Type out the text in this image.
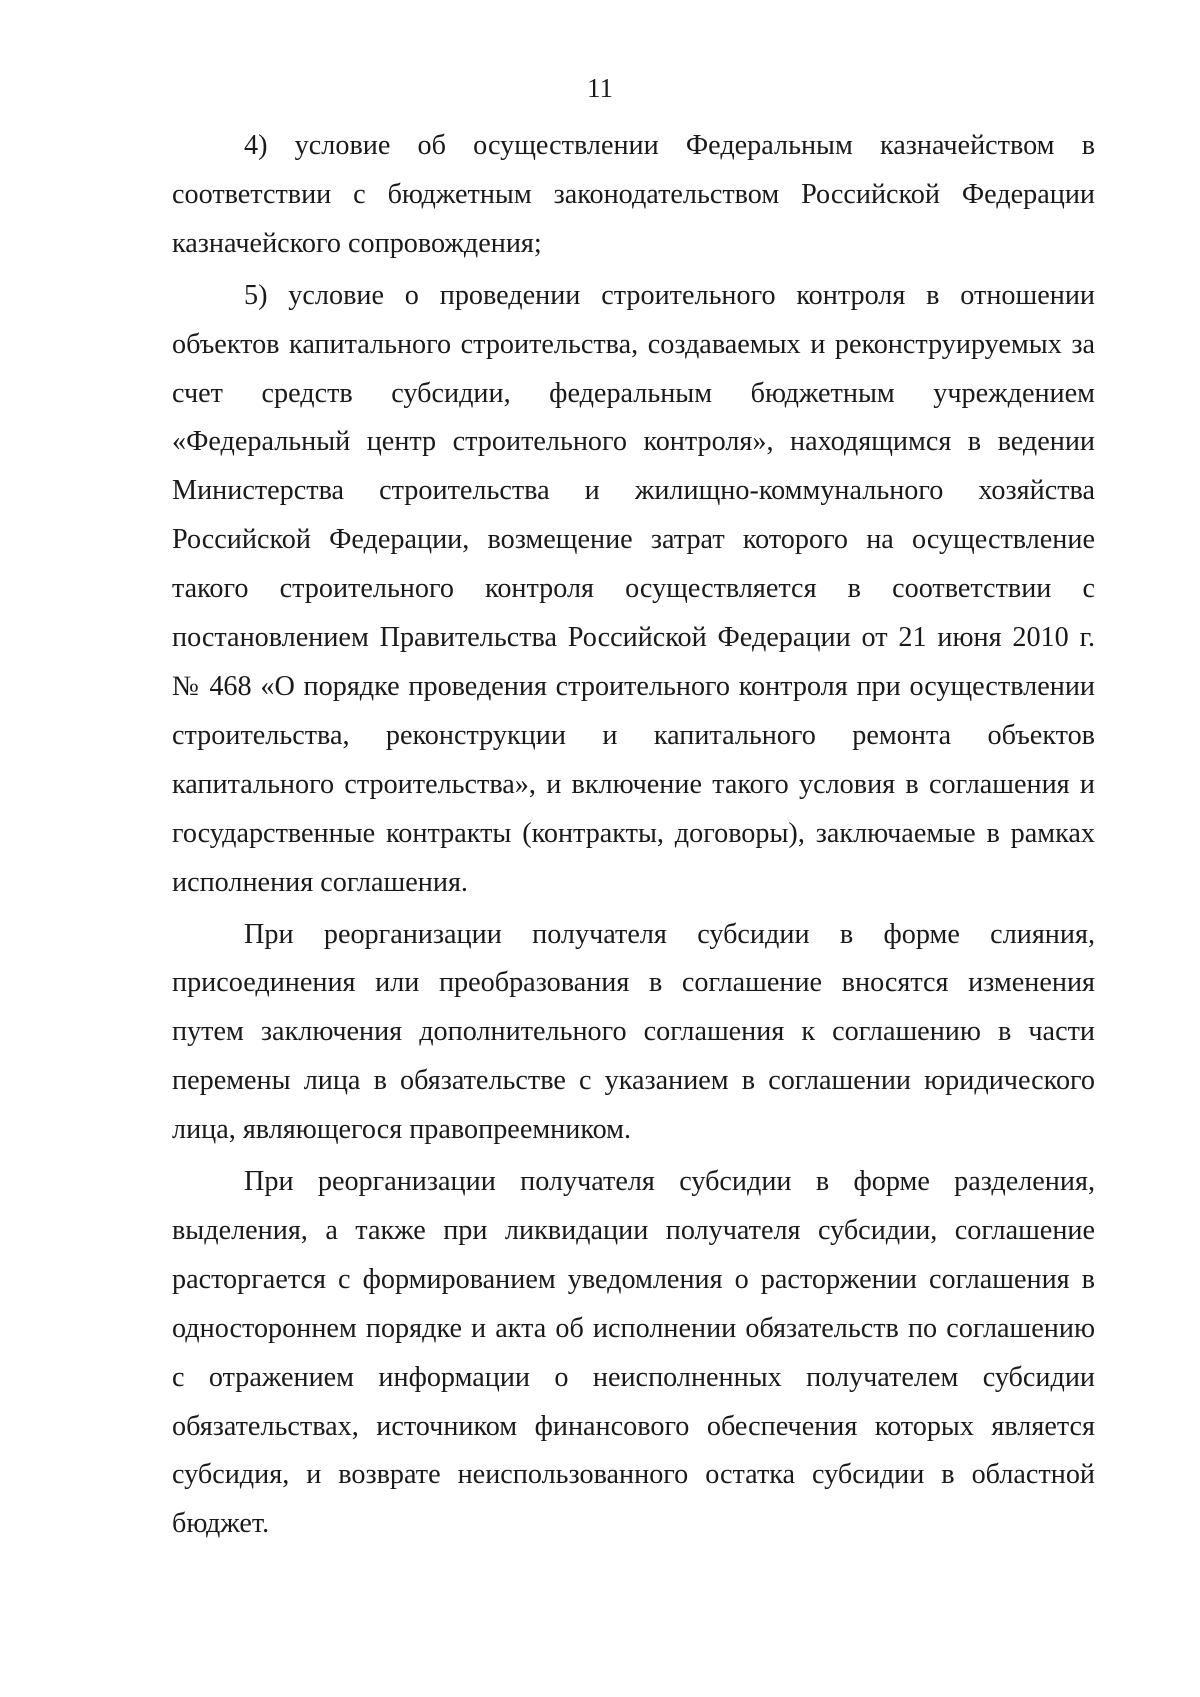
11

4) условие об осуществлении Федеральным казначейством в соответствии с бюджетным законодательством Российской Федерации казначейского сопровождения;

5) условие о проведении строительного контроля в отношении объектов капитального строительства, создаваемых и реконструируемых за счет средств субсидии, федеральным бюджетным учреждением «Федеральный центр строительного контроля», находящимся в ведении Министерства строительства и жилищно-коммунального хозяйства Российской Федерации, возмещение затрат которого на осуществление такого строительного контроля осуществляется в соответствии с постановлением Правительства Российской Федерации от 21 июня 2010 г. № 468 «О порядке проведения строительного контроля при осуществлении строительства, реконструкции и капитального ремонта объектов капитального строительства», и включение такого условия в соглашения и государственные контракты (контракты, договоры), заключаемые в рамках исполнения соглашения.

При реорганизации получателя субсидии в форме слияния, присоединения или преобразования в соглашение вносятся изменения путем заключения дополнительного соглашения к соглашению в части перемены лица в обязательстве с указанием в соглашении юридического лица, являющегося правопреемником.

При реорганизации получателя субсидии в форме разделения, выделения, а также при ликвидации получателя субсидии, соглашение расторгается с формированием уведомления о расторжении соглашения в одностороннем порядке и акта об исполнении обязательств по соглашению с отражением информации о неисполненных получателем субсидии обязательствах, источником финансового обеспечения которых является субсидия, и возврате неиспользованного остатка субсидии в областной бюджет.
